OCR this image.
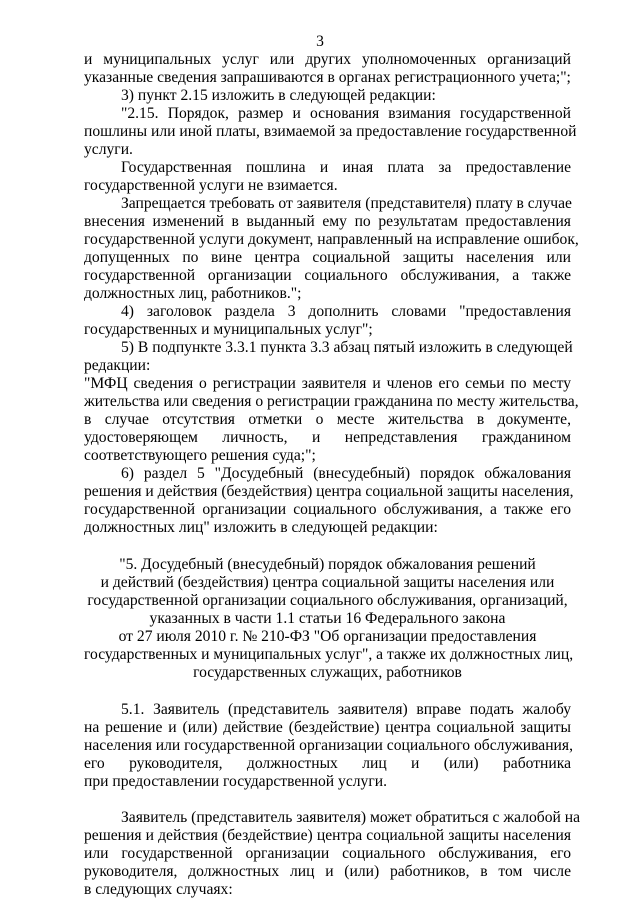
3
и муниципальных услуг или других уполномоченных организаций
указанные сведения запрашиваются в органах регистрационного учета;";
3) пункт 2.15 изложить в следующей редакции:
"2.15. Порядок, размер и основания взимания государственной
пошлины или иной платы, взимаемой за предоставление государственной
услуги.
Государственная пошлина и иная плата за предоставление
государственной услуги не взимается.
Запрещается требовать от заявителя (представителя) плату в случае
внесения изменений в выданный ему по результатам предоставления
государственной услуги документ, направленный на исправление ошибок,
допущенных по вине центра социальной защиты населения или
государственной организации социального обслуживания, а также
должностных лиц, работников.";
4) заголовок раздела 3 дополнить словами "предоставления
государственных и муниципальных услуг";
5) В подпункте 3.3.1 пункта 3.3 абзац пятый изложить в следующей
редакции:
"МФЦ сведения о регистрации заявителя и членов его семьи по месту
жительства или сведения о регистрации гражданина по месту жительства,
в случае отсутствия отметки о месте жительства в документе,
удостоверяющем личность, и непредставления гражданином
соответствующего решения суда;";
6) раздел 5 "Досудебный (внесудебный) порядок обжалования
решения и действия (бездействия) центра социальной защиты населения,
государственной организации социального обслуживания, а также его
должностных лиц" изложить в следующей редакции:
"5. Досудебный (внесудебный) порядок обжалования решений
и действий (бездействия) центра социальной защиты населения или
государственной организации социального обслуживания, организаций,
указанных в части 1.1 статьи 16 Федерального закона
от 27 июля 2010 г. № 210-ФЗ "Об организации предоставления
государственных и муниципальных услуг", а также их должностных лиц,
государственных служащих, работников
5.1. Заявитель (представитель заявителя) вправе подать жалобу
на решение и (или) действие (бездействие) центра социальной защиты
населения или государственной организации социального обслуживания,
его руководителя, должностных лиц и (или) работника
при предоставлении государственной услуги.
Заявитель (представитель заявителя) может обратиться с жалобой на
решения и действия (бездействие) центра социальной защиты населения
или государственной организации социального обслуживания, его
руководителя, должностных лиц и (или) работников, в том числе
в следующих случаях:
